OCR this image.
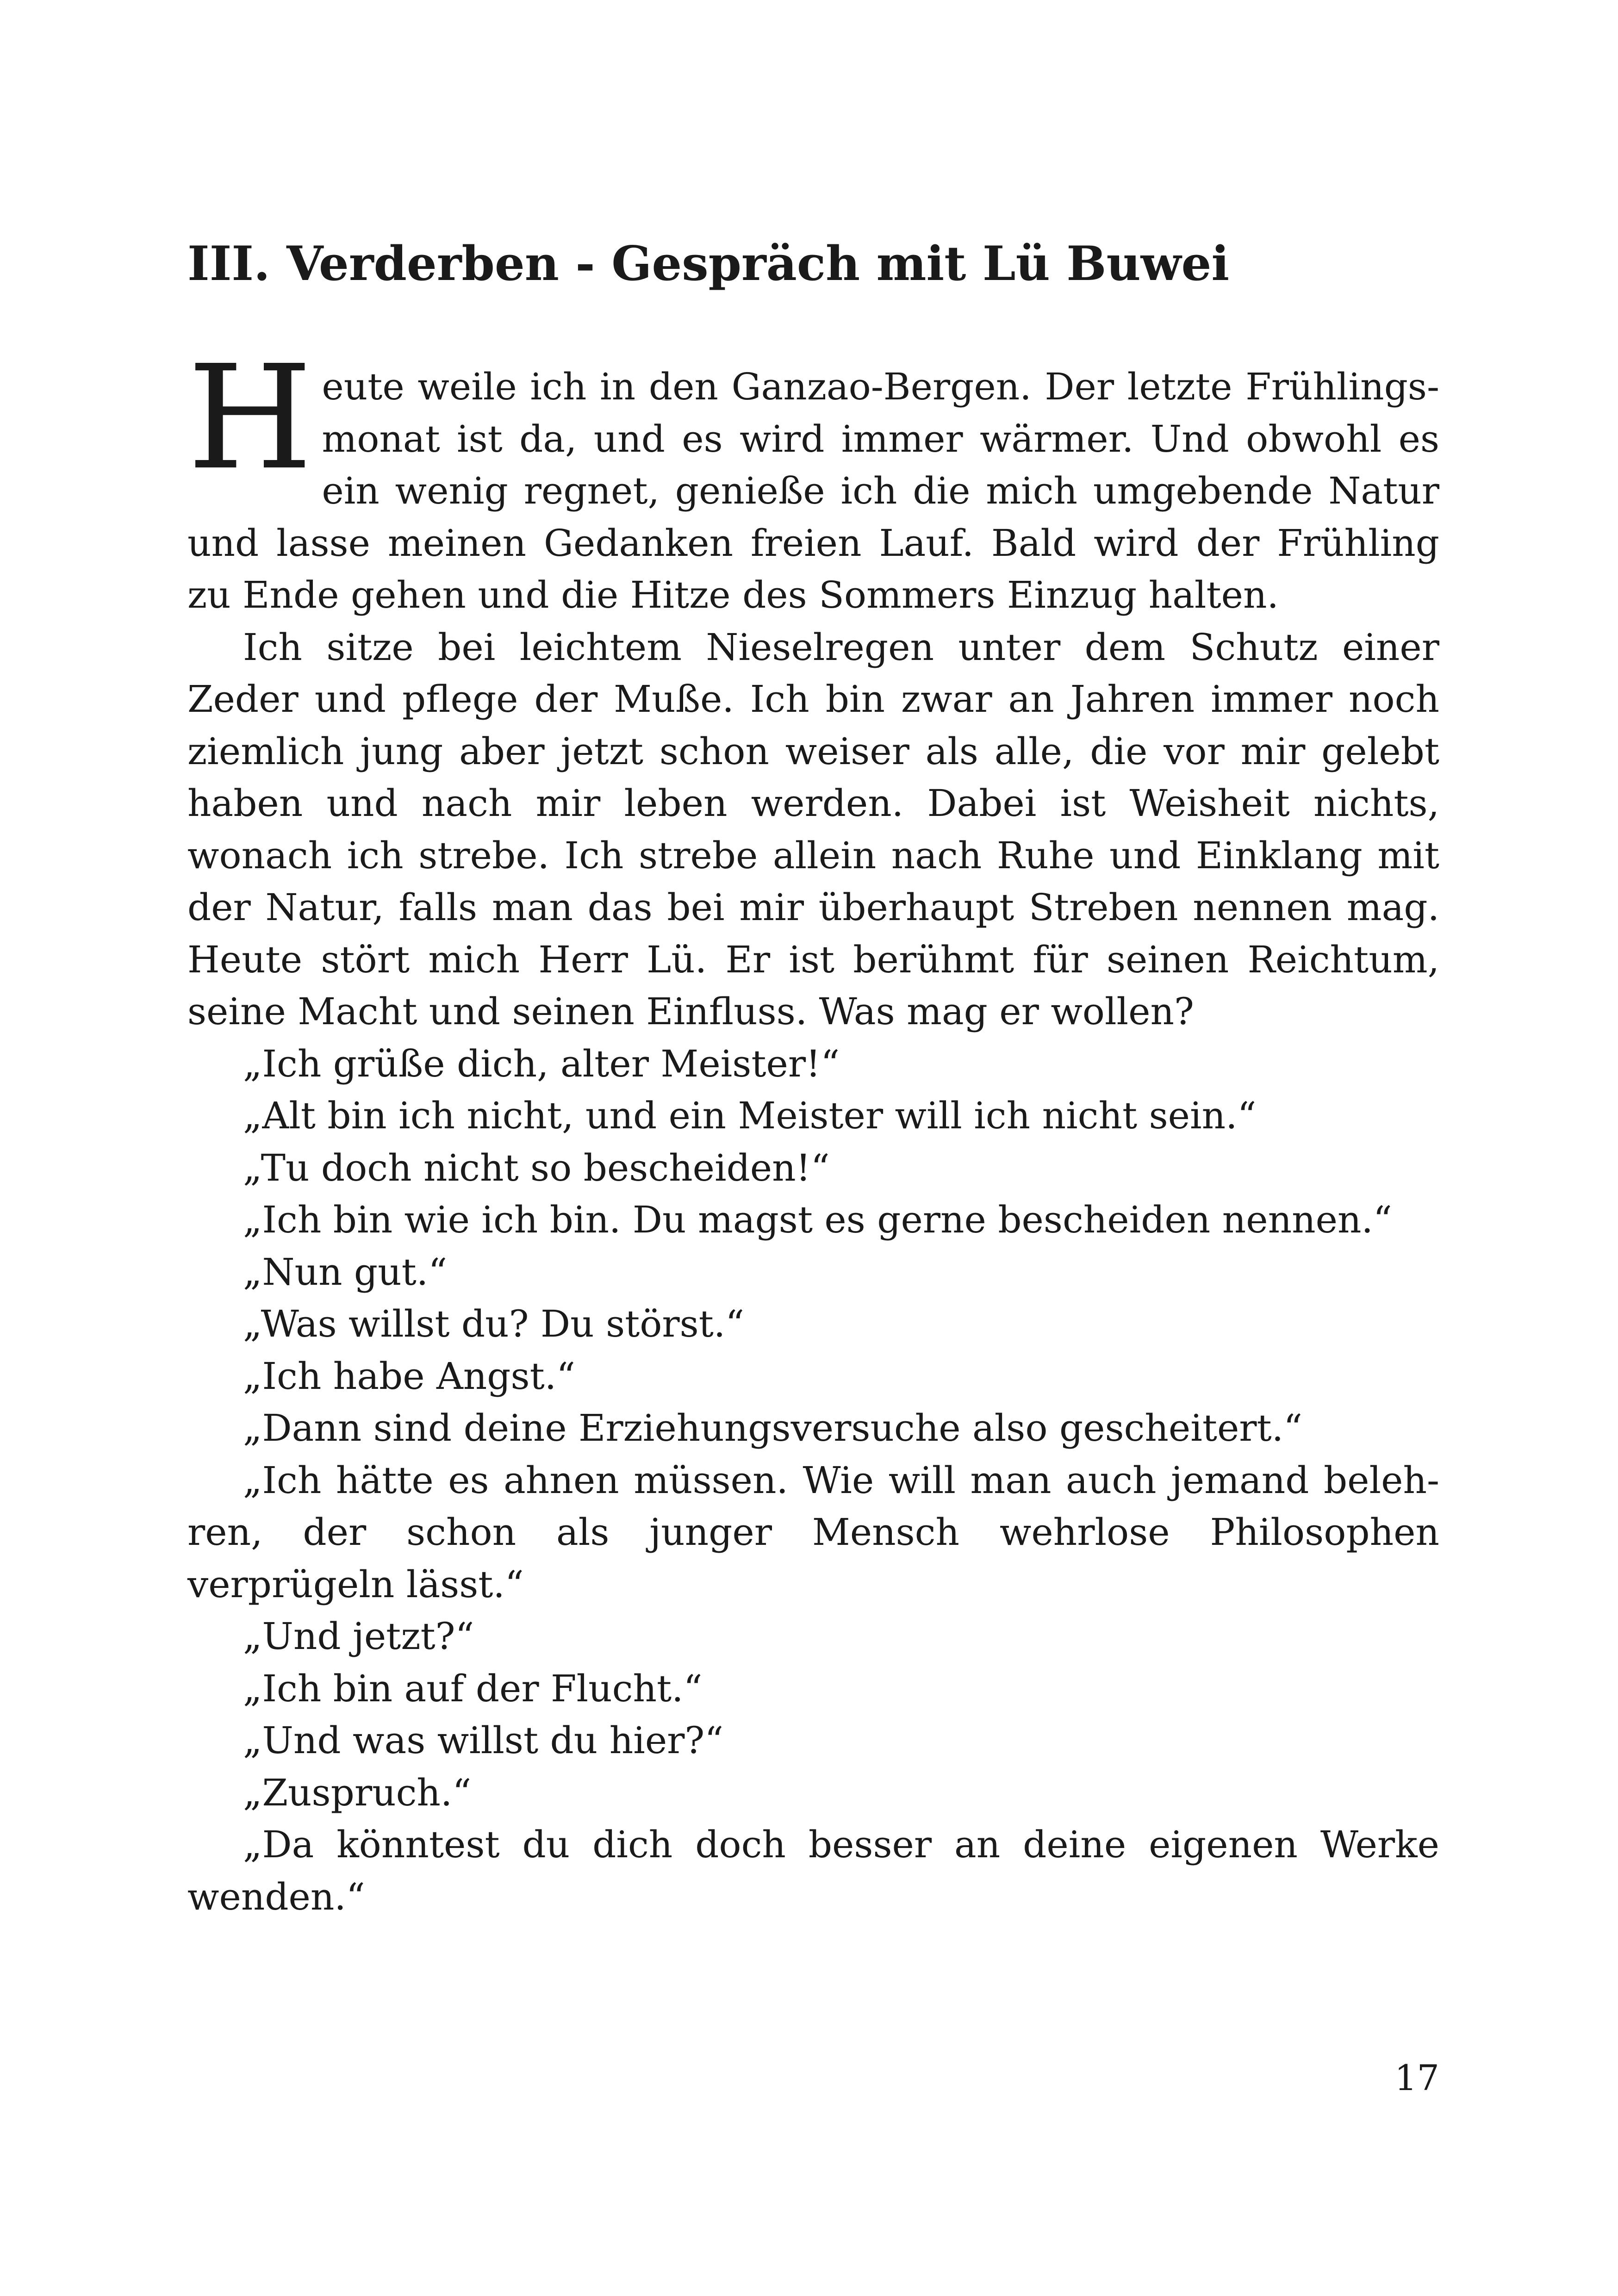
III. Verderben - Gespräch mit Lü Buwei

Heute weile ich in den Ganzao-Bergen. Der letzte Frühlingsmonat ist da, und es wird immer wärmer. Und obwohl es ein wenig regnet, genieße ich die mich umgebende Natur und lasse meinen Gedanken freien Lauf. Bald wird der Frühling zu Ende gehen und die Hitze des Sommers Einzug halten.

Ich sitze bei leichtem Nieselregen unter dem Schutz einer Zeder und pflege der Muße. Ich bin zwar an Jahren immer noch ziemlich jung aber jetzt schon weiser als alle, die vor mir gelebt haben und nach mir leben werden. Dabei ist Weisheit nichts, wonach ich strebe. Ich strebe allein nach Ruhe und Einklang mit der Natur, falls man das bei mir überhaupt Streben nennen mag. Heute stört mich Herr Lü. Er ist berühmt für seinen Reichtum, seine Macht und seinen Einfluss. Was mag er wollen?

„Ich grüße dich, alter Meister!“

„Alt bin ich nicht, und ein Meister will ich nicht sein.“

„Tu doch nicht so bescheiden!“

„Ich bin wie ich bin. Du magst es gerne bescheiden nennen.“

„Nun gut.“

„Was willst du? Du störst.“

„Ich habe Angst.“

„Dann sind deine Erziehungsversuche also gescheitert.“

„Ich hätte es ahnen müssen. Wie will man auch jemand belehren, der schon als junger Mensch wehrlose Philosophen verprügeln lässt.“

„Und jetzt?“

„Ich bin auf der Flucht.“

„Und was willst du hier?“

„Zuspruch.“

„Da könntest du dich doch besser an deine eigenen Werke wenden.“

17
